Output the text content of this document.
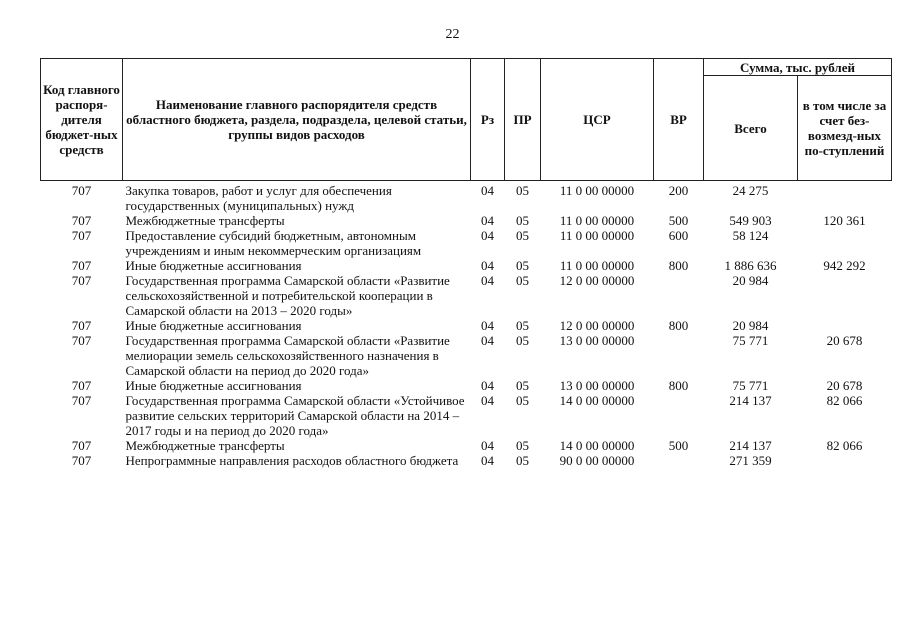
22
Код главного распоря-дителя бюджет-ных средств	Наименование главного распорядителя средств областного бюджета, раздела, подраздела, целевой статьи, группы видов расходов	Рз	ПР	ЦСР	ВР	Сумма, тыс. рублей	
						Всего	в том числе за счет без-возмезд-ных по-ступлений
707	Закупка товаров, работ и услуг для обеспечения государственных (муниципальных) нужд	04	05	11 0 00 00000	200	24 275	
707	Межбюджетные трансферты	04	05	11 0 00 00000	500	549 903	120 361
707	Предоставление субсидий бюджетным, автономным учреждениям и иным некоммерческим организациям	04	05	11 0 00 00000	600	58 124	
707	Иные бюджетные ассигнования	04	05	11 0 00 00000	800	1 886 636	942 292
707	Государственная программа Самарской области «Развитие сельскохозяйственной и потребительской кооперации в Самарской области на 2013 – 2020 годы»	04	05	12 0 00 00000		20 984	
707	Иные бюджетные ассигнования	04	05	12 0 00 00000	800	20 984	
707	Государственная программа Самарской области «Развитие мелиорации земель сельскохозяйственного назначения в Самарской области на период до 2020 года»	04	05	13 0 00 00000		75 771	20 678
707	Иные бюджетные ассигнования	04	05	13 0 00 00000	800	75 771	20 678
707	Государственная программа Самарской области «Устойчивое развитие сельских территорий Самарской области на 2014 – 2017 годы и на период до 2020 года»	04	05	14 0 00 00000		214 137	82 066
707	Межбюджетные трансферты	04	05	14 0 00 00000	500	214 137	82 066
707	Непрограммные направления расходов областного бюджета	04	05	90 0 00 00000		271 359	
